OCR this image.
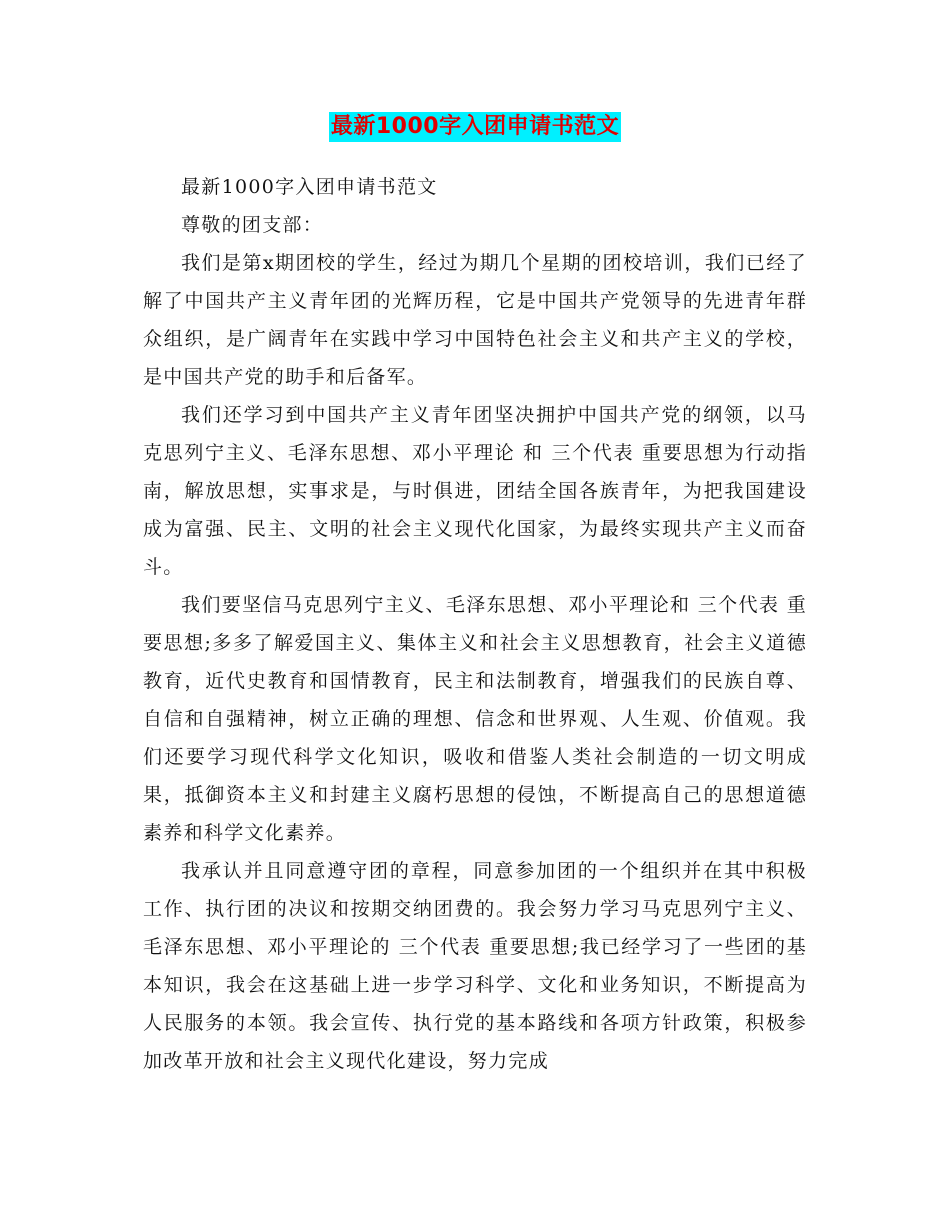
最新1000字入团申请书范文

最新1000字入团申请书范文

尊敬的团支部：

我们是第x期团校的学生，经过为期几个星期的团校培训，我们已经了解了中国共产主义青年团的光辉历程，它是中国共产党领导的先进青年群众组织，是广阔青年在实践中学习中国特色社会主义和共产主义的学校，是中国共产党的助手和后备军。

我们还学习到中国共产主义青年团坚决拥护中国共产党的纲领，以马克思列宁主义、毛泽东思想、邓小平理论 和 三个代表 重要思想为行动指南，解放思想，实事求是，与时俱进，团结全国各族青年，为把我国建设成为富强、民主、文明的社会主义现代化国家，为最终实现共产主义而奋斗。

我们要坚信马克思列宁主义、毛泽东思想、邓小平理论和 三个代表 重要思想;多多了解爱国主义、集体主义和社会主义思想教育，社会主义道德教育，近代史教育和国情教育，民主和法制教育，增强我们的民族自尊、自信和自强精神，树立正确的理想、信念和世界观、人生观、价值观。我们还要学习现代科学文化知识，吸收和借鉴人类社会制造的一切文明成果，抵御资本主义和封建主义腐朽思想的侵蚀，不断提高自己的思想道德素养和科学文化素养。

我承认并且同意遵守团的章程，同意参加团的一个组织并在其中积极工作、执行团的决议和按期交纳团费的。我会努力学习马克思列宁主义、毛泽东思想、邓小平理论的 三个代表 重要思想;我已经学习了一些团的基本知识，我会在这基础上进一步学习科学、文化和业务知识，不断提高为人民服务的本领。我会宣传、执行党的基本路线和各项方针政策，积极参加改革开放和社会主义现代化建设，努力完成
